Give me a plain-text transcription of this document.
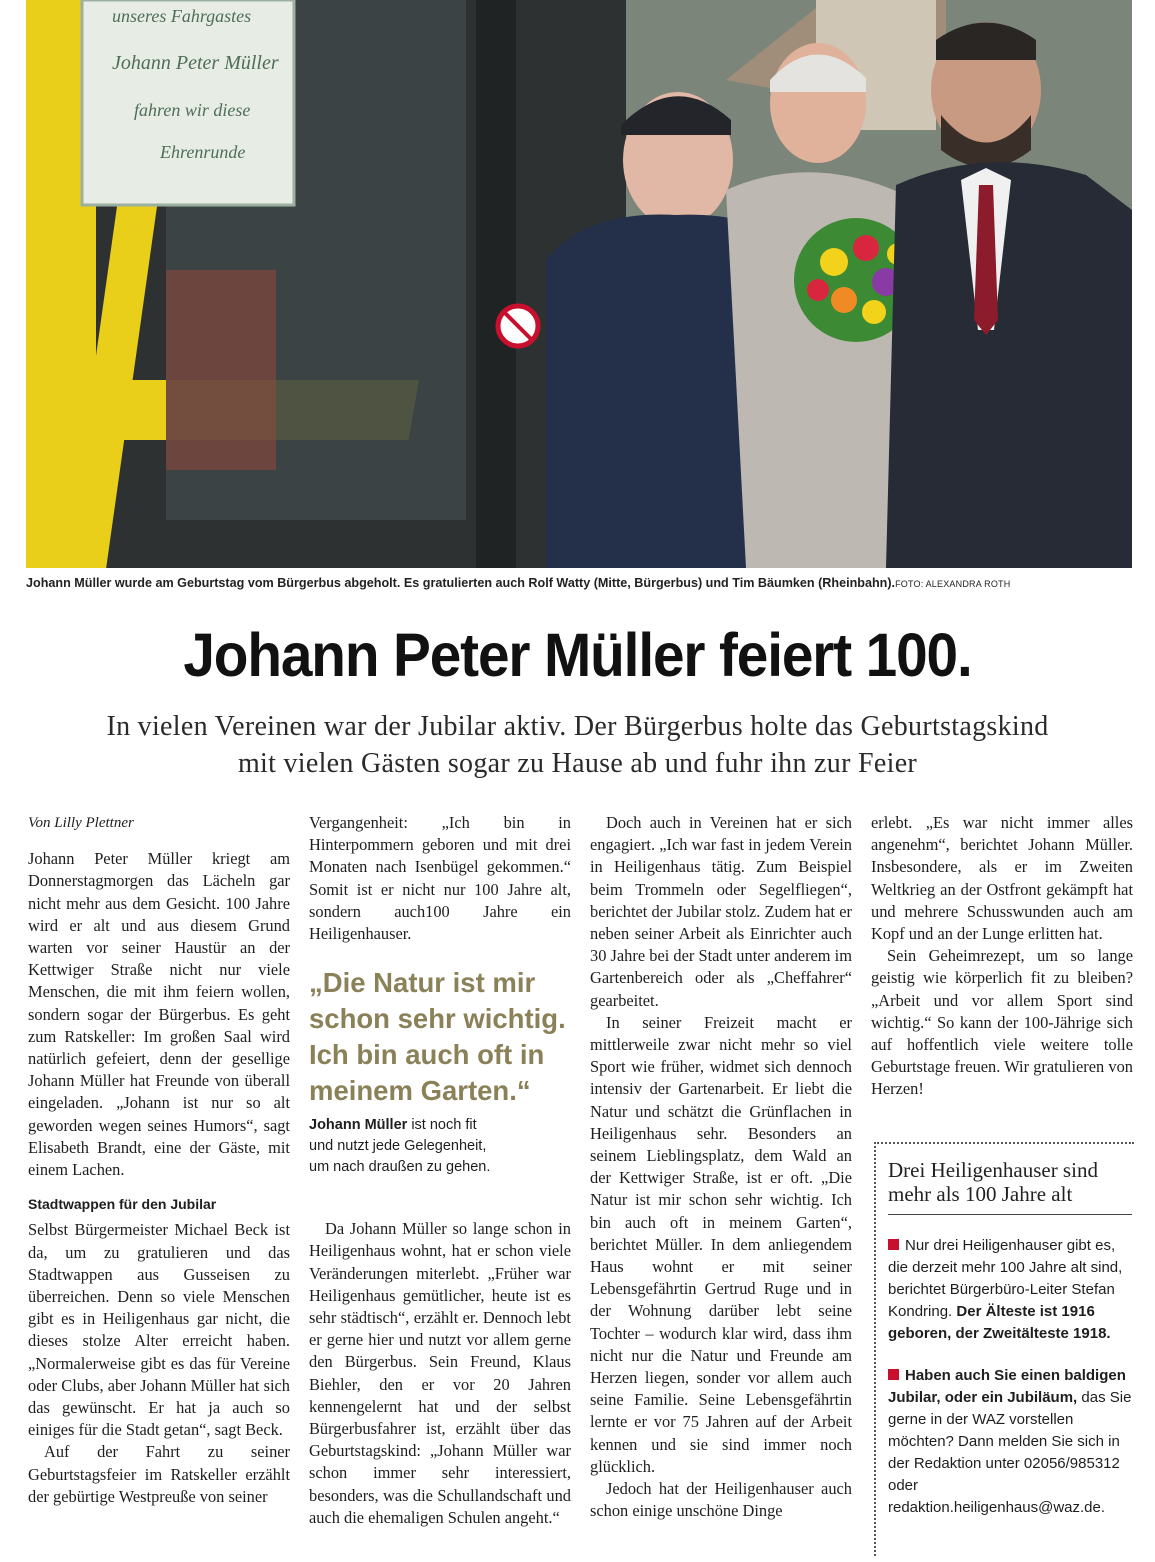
unseres Fahrgastes
Johann Peter Müller
fahren wir diese
Ehrenrunde
Johann Müller wurde am Geburtstag vom Bürgerbus abgeholt. Es gratulierten auch Rolf Watty (Mitte, Bürgerbus) und Tim Bäumken (Rheinbahn).FOTO: ALEXANDRA ROTH
Johann Peter Müller feiert 100.
In vielen Vereinen war der Jubilar aktiv. Der Bürgerbus holte das Geburtstagskind
mit vielen Gästen sogar zu Hause ab und fuhr ihn zur Feier

Von Lilly Plettner

Johann Peter Müller kriegt am Donnerstagmorgen das Lächeln gar nicht mehr aus dem Gesicht. 100 Jahre wird er alt und aus diesem Grund warten vor seiner Haustür an der Kettwiger Straße nicht nur viele Menschen, die mit ihm feiern wollen, sondern sogar der Bürgerbus. Es geht zum Ratskeller: Im großen Saal wird natürlich gefeiert, denn der gesellige Johann Müller hat Freunde von überall eingeladen. „Johann ist nur so alt geworden wegen seines Humors“, sagt Elisabeth Brandt, eine der Gäste, mit einem Lachen.

Stadtwappen für den Jubilar

Selbst Bürgermeister Michael Beck ist da, um zu gratulieren und das Stadtwappen aus Gusseisen zu überreichen. Denn so viele Menschen gibt es in Heiligenhaus gar nicht, die dieses stolze Alter erreicht haben. „Normalerweise gibt es das für Vereine oder Clubs, aber Johann Müller hat sich das gewünscht. Er hat ja auch so einiges für die Stadt getan“, sagt Beck.

Auf der Fahrt zu seiner Geburtstagsfeier im Ratskeller erzählt der gebürtige Westpreuße von seiner

Vergangenheit: „Ich bin in Hinterpommern geboren und mit drei Monaten nach Isenbügel gekommen.“ Somit ist er nicht nur 100 Jahre alt, sondern auch100 Jahre ein Heiligenhauser.

„Die Natur ist mir schon sehr wichtig. Ich bin auch oft in meinem Garten.“

Johann Müller ist noch fit
und nutzt jede Gelegenheit,
um nach draußen zu gehen.

Da Johann Müller so lange schon in Heiligenhaus wohnt, hat er schon viele Veränderungen miterlebt. „Früher war Heiligenhaus gemütlicher, heute ist es sehr städtisch“, erzählt er. Dennoch lebt er gerne hier und nutzt vor allem gerne den Bürgerbus. Sein Freund, Klaus Biehler, den er vor 20 Jahren kennengelernt hat und der selbst Bürgerbusfahrer ist, erzählt über das Geburtstagskind: „Johann Müller war schon immer sehr interessiert, besonders, was die Schullandschaft und auch die ehemaligen Schulen angeht.“

Doch auch in Vereinen hat er sich engagiert. „Ich war fast in jedem Verein in Heiligenhaus tätig. Zum Beispiel beim Trommeln oder Segelfliegen“, berichtet der Jubilar stolz. Zudem hat er neben seiner Arbeit als Einrichter auch 30 Jahre bei der Stadt unter anderem im Gartenbereich oder als „Cheffahrer“ gearbeitet.

In seiner Freizeit macht er mittlerweile zwar nicht mehr so viel Sport wie früher, widmet sich dennoch intensiv der Gartenarbeit. Er liebt die Natur und schätzt die Grünflachen in Heiligenhaus sehr. Besonders an seinem Lieblingsplatz, dem Wald an der Kettwiger Straße, ist er oft. „Die Natur ist mir schon sehr wichtig. Ich bin auch oft in meinem Garten“, berichtet Müller. In dem anliegendem Haus wohnt er mit seiner Lebensgefährtin Gertrud Ruge und in der Wohnung darüber lebt seine Tochter – wodurch klar wird, dass ihm nicht nur die Natur und Freunde am Herzen liegen, sonder vor allem auch seine Familie. Seine Lebensgefährtin lernte er vor 75 Jahren auf der Arbeit kennen und sie sind immer noch glücklich.

Jedoch hat der Heiligenhauser auch schon einige unschöne Dinge

erlebt. „Es war nicht immer alles angenehm“, berichtet Johann Müller. Insbesondere, als er im Zweiten Weltkrieg an der Ostfront gekämpft hat und mehrere Schusswunden auch am Kopf und an der Lunge erlitten hat.

Sein Geheimrezept, um so lange geistig wie körperlich fit zu bleiben? „Arbeit und vor allem Sport sind wichtig.“ So kann der 100-Jährige sich auf hoffentlich viele weitere tolle Geburtstage freuen. Wir gratulieren von Herzen!

Drei Heiligenhauser sind mehr als 100 Jahre alt
Nur drei Heiligenhauser gibt es, die derzeit mehr 100 Jahre alt sind, berichtet Bürgerbüro-Leiter Stefan Kondring. Der Älteste ist 1916 geboren, der Zweitälteste 1918.
Haben auch Sie einen baldigen Jubilar, oder ein Jubiläum, das Sie gerne in der WAZ vorstellen möchten? Dann melden Sie sich in der Redaktion unter 02056/985312 oder redaktion.heiligenhaus@waz.de.
